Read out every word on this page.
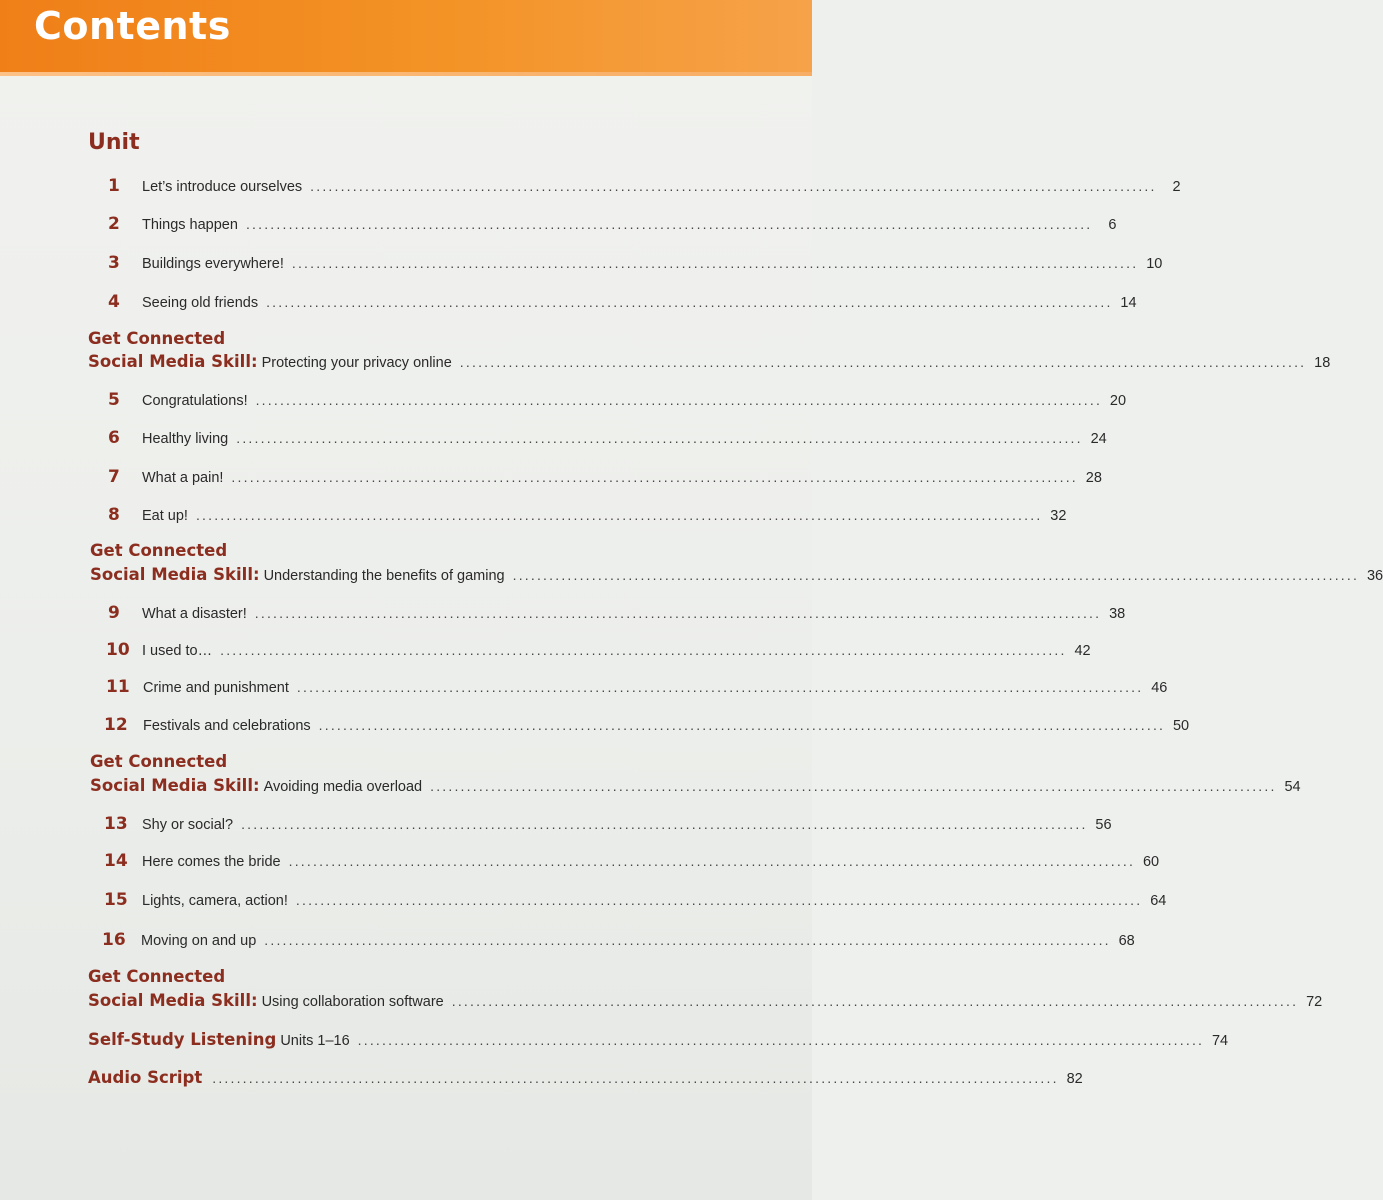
Contents
Unit
1	Let’s introduce ourselves ...........................................................................................................................................	2
2	Things happen ...........................................................................................................................................	6
3	Buildings everywhere! ........................................................................................................................................... 10
4	Seeing old friends ........................................................................................................................................... 14
Get Connected
Social Media Skill: Protecting your privacy online ........................................................................................................................................... 18
5	Congratulations! ........................................................................................................................................... 20
6	Healthy living ........................................................................................................................................... 24
7	What a pain! ........................................................................................................................................... 28
8	Eat up! ........................................................................................................................................... 32
Get Connected
Social Media Skill: Understanding the benefits of gaming ........................................................................................................................................... 36
9	What a disaster! ........................................................................................................................................... 38
10 I used to… ........................................................................................................................................... 42
11 Crime and punishment ........................................................................................................................................... 46
12	Festivals and celebrations ........................................................................................................................................... 50
Get Connected
Social Media Skill: Avoiding media overload ........................................................................................................................................... 54
13 Shy or social? ........................................................................................................................................... 56
14 Here comes the bride ........................................................................................................................................... 60
15 Lights, camera, action! ........................................................................................................................................... 64
16	Moving on and up ........................................................................................................................................... 68
Get Connected
Social Media Skill: Using collaboration software ........................................................................................................................................... 72
Self-Study Listening Units 1–16 ........................................................................................................................................... 74
Audio Script ........................................................................................................................................... 82
